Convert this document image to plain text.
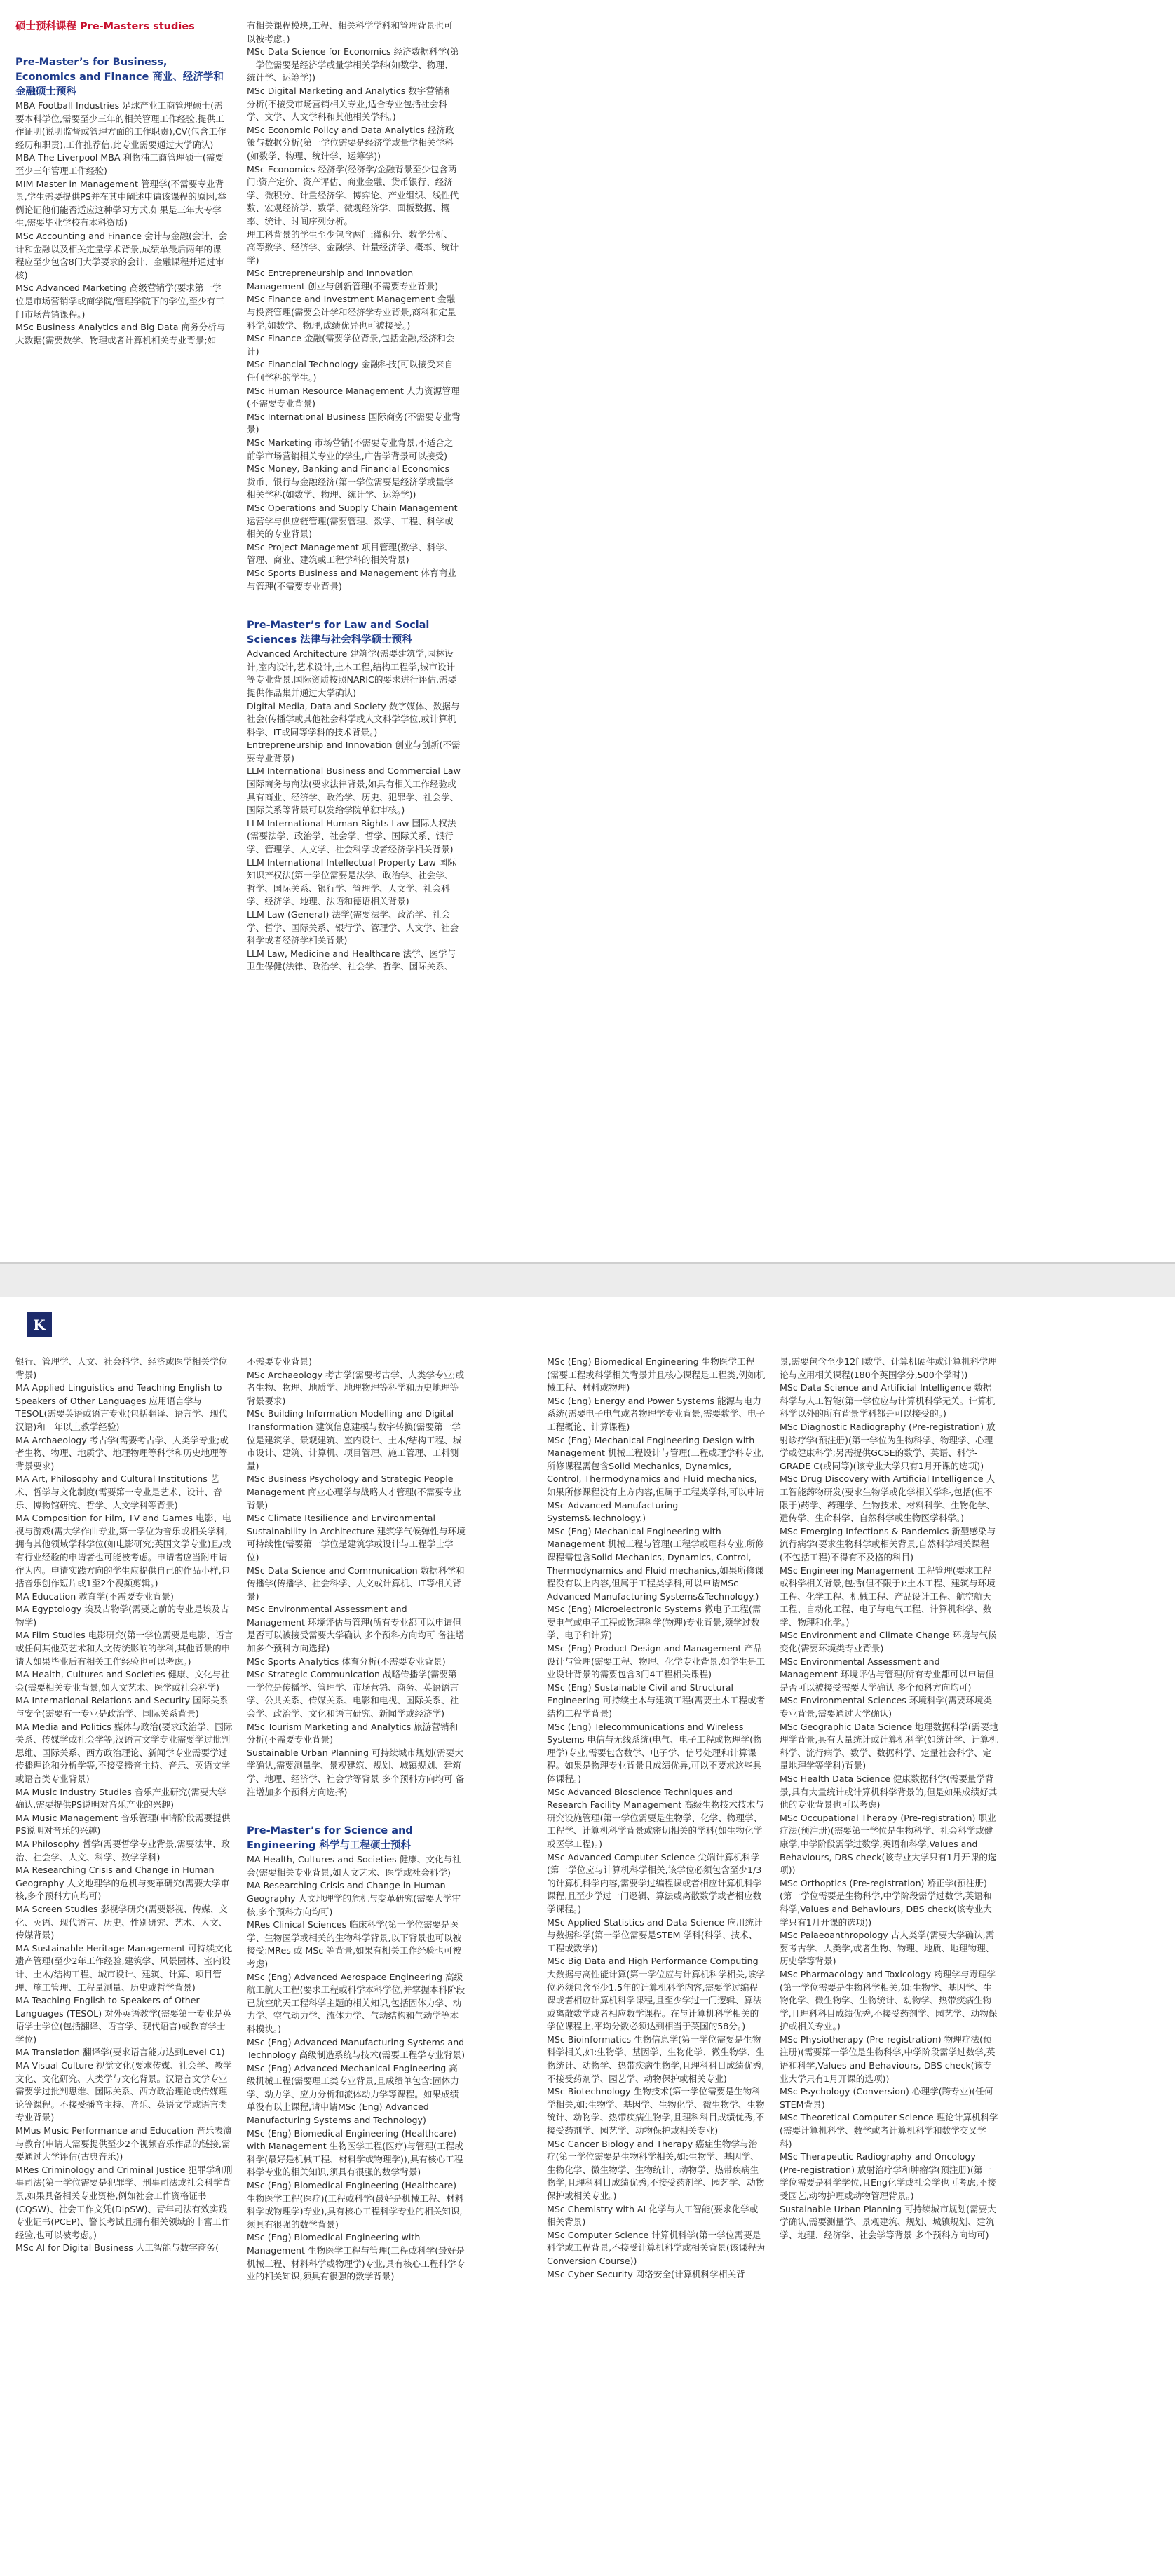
硕士预科课程 Pre-Masters studies

Pre-Master’s for Business, Economics and Finance 商业、经济学和金融硕士预科

MBA Football Industries 足球产业工商管理硕士(需要本科学位,需要至少三年的相关管理工作经验,提供工作证明(说明监督或管理方面的工作职责),CV(包含工作经历和职责),工作推荐信,此专业需要通过大学确认)

MBA The Liverpool MBA 利物浦工商管理硕士(需要至少三年管理工作经验)

MIM Master in Management 管理学(不需要专业背景,学生需要提供PS并在其中阐述申请该课程的原因,举例论证他们能否适应这种学习方式,如果是三年大专学生,需要毕业学校有本科资质)

MSc Accounting and Finance 会计与金融(会计、会计和金融以及相关定量学术背景,成绩单最后两年的课程应至少包含8门大学要求的会计、金融课程并通过审核)

MSc Advanced Marketing 高级营销学(要求第一学位是市场营销学或商学院/管理学院下的学位,至少有三门市场营销课程。)

MSc Business Analytics and Big Data 商务分析与大数据(需要数学、物理或者计算机相关专业背景;如

有相关课程模块,工程、相关科学学科和管理背景也可以被考虑。)

MSc Data Science for Economics 经济数据科学(第一学位需要是经济学或量学相关学科(如数学、物理、统计学、运筹学))

MSc Digital Marketing and Analytics 数字营销和分析(不接受市场营销相关专业,适合专业包括社会科学、文学、人文学科和其他相关学科。)

MSc Economic Policy and Data Analytics 经济政策与数据分析(第一学位需要是经济学或量学相关学科(如数学、物理、统计学、运筹学))

MSc Economics 经济学(经济学/金融背景至少包含两门:资产定价、资产评估、商业金融、货币银行、经济学、微积分、计量经济学、博弈论、产业组织、线性代数、宏观经济学、数学、微观经济学、面板数据、概率、统计、时间序列分析。

理工科背景的学生至少包含两门:微积分、数学分析、高等数学、经济学、金融学、计量经济学、概率、统计学)

MSc Entrepreneurship and Innovation Management 创业与创新管理(不需要专业背景)

MSc Finance and Investment Management 金融与投资管理(需要会计学和经济学专业背景,商科和定量科学,如数学、物理,成绩优异也可被接受。)

MSc Finance 金融(需要学位背景,包括金融,经济和会计)

MSc Financial Technology 金融科技(可以接受来自任何学科的学生。)

MSc Human Resource Management 人力资源管理(不需要专业背景)

MSc International Business 国际商务(不需要专业背景)

MSc Marketing 市场营销(不需要专业背景,不适合之前学市场营销相关专业的学生,广告学背景可以接受)

MSc Money, Banking and Financial Economics 货币、银行与金融经济(第一学位需要是经济学或量学相关学科(如数学、物理、统计学、运筹学))

MSc Operations and Supply Chain Management 运营学与供应链管理(需要管理、数学、工程、科学或相关的专业背景)

MSc Project Management 项目管理(数学、科学、管理、商业、建筑或工程学科的相关背景)

MSc Sports Business and Management 体育商业与管理(不需要专业背景)

Pre-Master’s for Law and Social Sciences 法律与社会科学硕士预科

Advanced Architecture 建筑学(需要建筑学,园林设计,室内设计,艺术设计,土木工程,结构工程学,城市设计等专业背景,国际资质按照NARIC的要求进行评估,需要提供作品集并通过大学确认)

Digital Media, Data and Society 数字媒体、数据与社会(传播学或其他社会科学或人文科学学位,或计算机科学、IT或同等学科的技术背景。)

Entrepreneurship and Innovation 创业与创新(不需要专业背景)

LLM International Business and Commercial Law 国际商务与商法(要求法律背景,如具有相关工作经验或具有商业、经济学、政治学、历史、犯罪学、社会学、国际关系等背景可以发给学院单独审核。)

LLM International Human Rights Law 国际人权法(需要法学、政治学、社会学、哲学、国际关系、银行学、管理学、人文学、社会科学或者经济学相关背景)

LLM International Intellectual Property Law 国际知识产权法(第一学位需要是法学、政治学、社会学、哲学、国际关系、银行学、管理学、人文学、社会科学、经济学、地理、法语和德语相关背景)

LLM Law (General) 法学(需要法学、政治学、社会学、哲学、国际关系、银行学、管理学、人文学、社会科学或者经济学相关背景)

LLM Law, Medicine and Healthcare 法学、医学与卫生保健(法律、政治学、社会学、哲学、国际关系、

K

银行、管理学、人文、社会科学、经济或医学相关学位背景)

MA Applied Linguistics and Teaching English to Speakers of Other Languages 应用语言学与TESOL(需要英语或语言专业(包括翻译、语言学、现代汉语)和一年以上教学经验)

MA Archaeology 考古学(需要考古学、人类学专业;或者生物、物理、地质学、地理物理等科学和历史地理等背景要求)

MA Art, Philosophy and Cultural Institutions 艺术、哲学与文化制度(需要第一专业是艺术、设计、音乐、博物馆研究、哲学、人文学科等背景)

MA Composition for Film, TV and Games 电影、电视与游戏(需大学作曲专业,第一学位为音乐或相关学科,拥有其他领域学科学位(如电影研究;英国文学专业)且/或有行业经验的申请者也可能被考虑。申请者应当附申请作为内。申请实践方向的学生应提供自己的作品小样,包括音乐创作短片或1至2个视频剪辑。)

MA Education 教育学(不需要专业背景)

MA Egyptology 埃及古物学(需要之前的专业是埃及古物学)

MA Film Studies 电影研究(第一学位需要是电影、语言或任何其他英艺术和人文传统影响的学科,其他背景的申请人如果毕业后有相关工作经验也可以考虑。)

MA Health, Cultures and Societies 健康、文化与社会(需要相关专业背景,如人文艺术、医学或社会科学)

MA International Relations and Security 国际关系与安全(需要有一专业是政治学、国际关系背景)

MA Media and Politics 媒体与政治(要求政治学、国际关系、传媒学或社会学等,汉语言文学专业需要学过批判思维、国际关系、西方政治理论、新闻学专业需要学过传播理论和分析学等,不接受播音主持、音乐、英语文学或语言类专业背景)

MA Music Industry Studies 音乐产业研究(需要大学确认,需要提供PS说明对音乐产业的兴趣)

MA Music Management 音乐管理(申请阶段需要提供PS说明对音乐的兴趣)

MA Philosophy 哲学(需要哲学专业背景,需要法律、政治、社会学、人文、科学、数学学科)

MA Researching Crisis and Change in Human Geography 人文地理学的危机与变革研究(需要大学审核,多个预科方向均可)

MA Screen Studies 影视学研究(需要影视、传媒、文化、英语、现代语言、历史、性别研究、艺术、人文、传媒背景)

MA Sustainable Heritage Management 可持续文化遗产管理(至少2年工作经验,建筑学、风景园林、室内设计、土木/结构工程、城市设计、建筑、计算、项目管理、施工管理、工程量测量、历史或哲学背景)

MA Teaching English to Speakers of Other Languages (TESOL) 对外英语教学(需要第一专业是英语学士学位(包括翻译、语言学、现代语言)或教育学士学位)

MA Translation 翻译学(要求语言能力达到Level C1)

MA Visual Culture 视觉文化(要求传媒、社会学、教学文化、文化研究、人类学与文化背景。汉语言文学专业需要学过批判思维、国际关系、西方政治理论或传媒理论等课程。不接受播音主持、音乐、英语文学或语言类专业背景)

MMus Music Performance and Education 音乐表演与教育(申请人需要提供至少2个视频音乐作品的链接,需要通过大学评估(古典音乐))

MRes Criminology and Criminal Justice 犯罪学和刑事司法(第一学位需要是犯罪学、刑事司法或社会科学背景,如果具备相关专业资格,例如社会工作资格证书(CQSW)、社会工作文凭(DipSW)、青年司法有效实践专业证书(PCEP)、警长考试且拥有相关领域的丰富工作经验,也可以被考虑。)

MSc AI for Digital Business 人工智能与数字商务(

不需要专业背景)

MSc Archaeology 考古学(需要考古学、人类学专业;或者生物、物理、地质学、地理物理等科学和历史地理等背景要求)

MSc Building Information Modelling and Digital Transformation 建筑信息建模与数字转换(需要第一学位是建筑学、景观建筑、室内设计、土木/结构工程、城市设计、建筑、计算机、项目管理、施工管理、工料测量)

MSc Business Psychology and Strategic People Management 商业心理学与战略人才管理(不需要专业背景)

MSc Climate Resilience and Environmental Sustainability in Architecture 建筑学气候弹性与环境可持续性(需要第一学位是建筑学或设计与工程学士学位)

MSc Data Science and Communication 数据科学和传播学(传播学、社会科学、人文或计算机、IT等相关背景)

MSc Environmental Assessment and Management 环境评估与管理(所有专业都可以申请但是否可以被接受需要大学确认 多个预科方向均可 备注增加多个预科方向选择)

MSc Sports Analytics 体育分析(不需要专业背景)

MSc Strategic Communication 战略传播学(需要第一学位是传播学、管理学、市场营销、商务、英语语言学、公共关系、传媒关系、电影和电视、国际关系、社会学、政治学、文化和语言研究、新闻学或经济学)

MSc Tourism Marketing and Analytics 旅游营销和分析(不需要专业背景)

Sustainable Urban Planning 可持续城市规划(需要大学确认,需要测量学、景观建筑、规划、城镇规划、建筑学、地理、经济学、社会学等背景 多个预科方向均可 备注增加多个预科方向选择)

Pre-Master’s for Science and Engineering 科学与工程硕士预科

MA Health, Cultures and Societies 健康、文化与社会(需要相关专业背景,如人文艺术、医学或社会科学)

MA Researching Crisis and Change in Human Geography 人文地理学的危机与变革研究(需要大学审核,多个预科方向均可)

MRes Clinical Sciences 临床科学(第一学位需要是医学、生物医学或相关的生物科学背景,以下背景也可以被接受:MRes 或 MSc 等背景,如果有相关工作经验也可被考虑)

MSc (Eng) Advanced Aerospace Engineering 高级航工航天工程(要求工程或科学本科学位,并掌握本科阶段已航空航天工程科学主题的相关知识,包括固体力学、动力学、空气动力学、流体力学、气动结构和气动学等本科模块。)

MSc (Eng) Advanced Manufacturing Systems and Technology 高级制造系统与技术(需要工程学专业背景)

MSc (Eng) Advanced Mechanical Engineering 高级机械工程(需要理工类专业背景,且成绩单包含:固体力学、动力学、应力分析和流体动力学等课程。如果成绩单没有以上课程,请申请MSc (Eng) Advanced Manufacturing Systems and Technology)

MSc (Eng) Biomedical Engineering (Healthcare) with Management 生物医学工程(医疗)与管理(工程或科学(最好是机械工程、材料学或物理学)),具有核心工程科学专业的相关知识,须具有很强的数学背景)

MSc (Eng) Biomedical Engineering (Healthcare) 生物医学工程(医疗)(工程或科学(最好是机械工程、材料科学或物理学)专业),具有核心工程科学专业的相关知识,须具有很强的数学背景)

MSc (Eng) Biomedical Engineering with Management 生物医学工程与管理(工程或科学(最好是机械工程、材料科学或物理学)专业,具有核心工程科学专业的相关知识,须具有很强的数学背景)

MSc (Eng) Biomedical Engineering 生物医学工程(需要工程或科学相关背景并且核心课程是工程类,例如机械工程、材料或物理)

MSc (Eng) Energy and Power Systems 能源与电力系统(需要电子电气或者物理学专业背景,需要数学、电子工程概论、计算课程)

MSc (Eng) Mechanical Engineering Design with Management 机械工程设计与管理(工程或理学科专业,所修课程需包含Solid Mechanics, Dynamics, Control, Thermodynamics and Fluid mechanics,如果所修课程没有上方内容,但属于工程类学科,可以申请MSc Advanced Manufacturing Systems&Technology.)

MSc (Eng) Mechanical Engineering with Management 机械工程与管理(工程学或理科专业,所修课程需包含Solid Mechanics, Dynamics, Control, Thermodynamics and Fluid mechanics,如果所修课程没有以上内容,但属于工程类学科,可以申请MSc Advanced Manufacturing Systems&Technology.)

MSc (Eng) Microelectronic Systems 微电子工程(需要电气或电子工程或物理科学(物理)专业背景,须学过数学、电子和计算)

MSc (Eng) Product Design and Management 产品设计与管理(需要工程、物理、化学专业背景,如学生是工业设计背景的需要包含3门4工程相关课程)

MSc (Eng) Sustainable Civil and Structural Engineering 可持续土木与建筑工程(需要土木工程或者结构工程学背景)

MSc (Eng) Telecommunications and Wireless Systems 电信与无线系统(电气、电子工程或物理学(物理学)专业,需要包含数学、电子学、信号处理和计算课程。如果是物理专业背景且成绩优异,可以不要求这些具体课程。)

MSc Advanced Bioscience Techniques and Research Facility Management 高级生物技术技术与研究设施管理(第一学位需要是生物学、化学、物理学、工程学、计算机科学背景或密切相关的学科(如生物化学或医学工程)。)

MSc Advanced Computer Science 尖端计算机科学(第一学位应与计算机科学相关,该学位必须包含至少1/3的计算机科学内容,需要学过编程课或者相应计算机科学课程,且至少学过一门逻辑、算法或离散数学或者相应数学课程。)

MSc Applied Statistics and Data Science 应用统计与数据科学(第一学位需要是STEM 学科(科学、技术、工程或数学))

MSc Big Data and High Performance Computing 大数据与高性能计算(第一学位应与计算机科学相关,该学位必须包含至少1.5年的计算机科学内容,需要学过编程课或者相应计算机科学课程,且至少学过一门逻辑、算法或离散数学或者相应数学课程。在与计算机科学相关的学位课程上,平均分数必须达到相当于英国的58分。)

MSc Bioinformatics 生物信息学(第一学位需要是生物科学相关,如:生物学、基因学、生物化学、微生物学、生物统计、动物学、热带疾病生物学,且理科科目成绩优秀,不接受药剂学、园艺学、动物保护或相关专业)

MSc Biotechnology 生物技术(第一学位需要是生物科学相关,如:生物学、基因学、生物化学、微生物学、生物统计、动物学、热带疾病生物学,且理科科目成绩优秀,不接受药剂学、园艺学、动物保护或相关专业)

MSc Cancer Biology and Therapy 癌症生物学与治疗(第一学位需要是生物科学相关,如:生物学、基因学、生物化学、微生物学、生物统计、动物学、热带疾病生物学,且理科科目成绩优秀,不接受药剂学、园艺学、动物保护或相关专业。)

MSc Chemistry with AI 化学与人工智能(要求化学或相关背景)

MSc Computer Science 计算机科学(第一学位需要是科学或工程背景,不接受计算机科学或相关背景(该课程为Conversion Course))

MSc Cyber Security 网络安全(计算机科学相关背

景,需要包含至少12门数学、计算机硬件或计算机科学理论与应用相关课程(180个英国学分,500个学时))

MSc Data Science and Artificial Intelligence 数据科学与人工智能(第一学位应与计算机科学无关。计算机科学以外的所有背景学科都是可以接受的。)

MSc Diagnostic Radiography (Pre-registration) 放射诊疗学(预注册)(第一学位为生物科学、物理学、心理学或健康科学;另需提供GCSE的数学、英语、科学-GRADE C(或同等)(该专业大学只有1月开课的选项))

MSc Drug Discovery with Artificial Intelligence 人工智能药物研发(要求生物学或化学相关学科,包括(但不限于)药学、药理学、生物技术、材料科学、生物化学、遗传学、生命科学、自然科学或生物医学科学。)

MSc Emerging Infections & Pandemics 新型感染与流行病学(要求生物科学或相关背景,自然科学相关课程(不包括工程)不得有不及格的科目)

MSc Engineering Management 工程管理(要求工程或科学相关背景,包括(但不限于):土木工程、建筑与环境工程、化学工程、机械工程、产品设计工程、航空航天工程、自动化工程、电子与电气工程、计算机科学、数学、物理和化学。)

MSc Environment and Climate Change 环境与气候变化(需要环境类专业背景)

MSc Environmental Assessment and Management 环境评估与管理(所有专业都可以申请但是否可以被接受需要大学确认 多个预科方向均可)

MSc Environmental Sciences 环境科学(需要环境类专业背景,需要通过大学确认)

MSc Geographic Data Science 地理数据科学(需要地理学背景,具有大量统计或计算机科学(如统计学、计算机科学、流行病学、数学、数据科学、定量社会科学、定量地理学等学科)背景)

MSc Health Data Science 健康数据科学(需要量学背景,具有大量统计或计算机科学背景的,但是如果成绩好其他的专业背景也可以考虑)

MSc Occupational Therapy (Pre-registration) 职业疗法(预注册)(需要第一学位是生物科学、社会科学或健康学,中学阶段需学过数学,英语和科学,Values and Behaviours, DBS check(该专业大学只有1月开课的选项))

MSc Orthoptics (Pre-registration) 矫正学(预注册)(第一学位需要是生物科学,中学阶段需学过数学,英语和科学,Values and Behaviours, DBS check(该专业大学只有1月开课的选项))

MSc Palaeoanthropology 古人类学(需要大学确认,需要考古学、人类学,或者生物、物理、地质、地理物理、历史学等背景)

MSc Pharmacology and Toxicology 药理学与毒理学(第一学位需要是生物科学相关,如:生物学、基因学、生物化学、微生物学、生物统计、动物学、热带疾病生物学,且理科科目成绩优秀,不接受药剂学、园艺学、动物保护或相关专业。)

MSc Physiotherapy (Pre-registration) 物理疗法(预注册)(需要第一学位是生物科学,中学阶段需学过数学,英语和科学,Values and Behaviours, DBS check(该专业大学只有1月开课的选项))

MSc Psychology (Conversion) 心理学(跨专业)(任何STEM背景)

MSc Theoretical Computer Science 理论计算机科学(需要计算机科学、数学或者计算机科学和数学交叉学科)

MSc Therapeutic Radiography and Oncology (Pre-registration) 放射治疗学和肿瘤学(预注册)(第一学位需要是科学学位,且Eng化学或社会学也可考虑,不接受园艺,动物护理或动物管理背景。)

Sustainable Urban Planning 可持续城市规划(需要大学确认,需要测量学、景观建筑、规划、城镇规划、建筑学、地理、经济学、社会学等背景 多个预科方向均可)
